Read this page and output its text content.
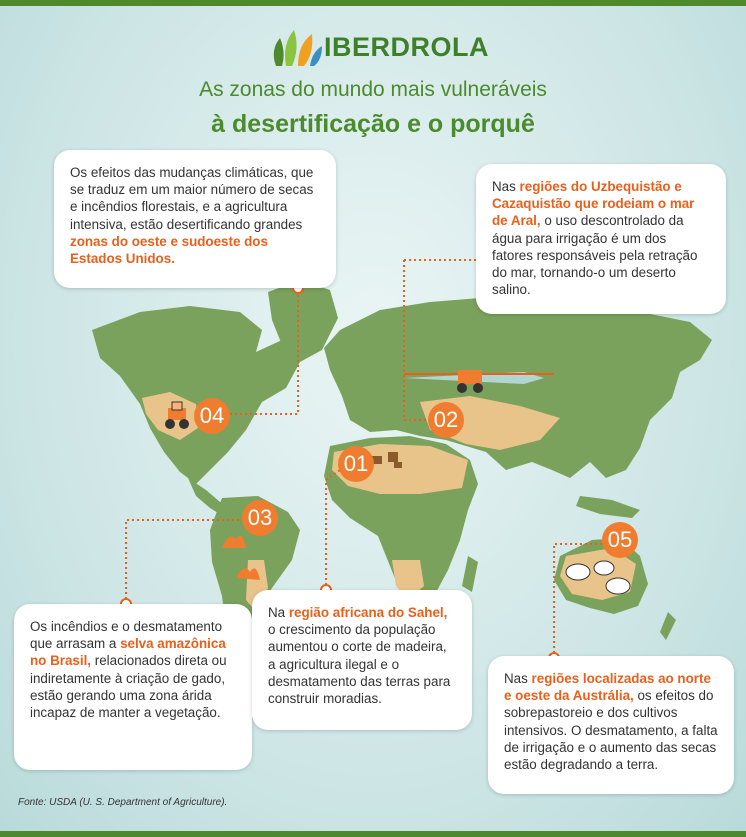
IBERDROLA
As zonas do mundo mais vulneráveis
à desertificação e o porquê
Os efeitos das mudanças climáticas, que se traduz em um maior número de secas e incêndios florestais, e a agricultura intensiva, estão desertificando grandes zonas do oeste e sudoeste dos Estados Unidos.
Nas regiões do Uzbequistão e Cazaquistão que rodeiam o mar de Aral, o uso descontrolado da água para irrigação é um dos fatores responsáveis pela retração do mar, tornando-o um deserto salino.
Os incêndios e o desmatamento que arrasam a selva amazônica no Brasil, relacionados direta ou indiretamente à criação de gado, estão gerando uma zona árida incapaz de manter a vegetação.
Na região africana do Sahel, o crescimento da população aumentou o corte de madeira, a agricultura ilegal e o desmatamento das terras para construir moradias.
Nas regiões localizadas ao norte e oeste da Austrália, os efeitos do sobrepastoreio e dos cultivos intensivos. O desmatamento, a falta de irrigação e o aumento das secas estão degradando a terra.
04	02
01
03
05
Fonte: USDA (U. S. Department of Agriculture).
